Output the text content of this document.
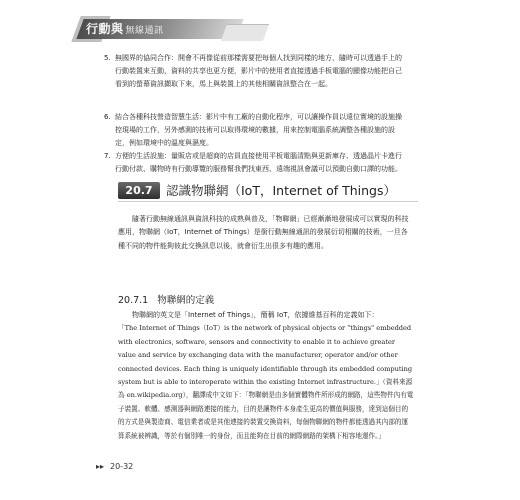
行動與 無線通訊
5. 無國界的協同合作：開會不再像從前那樣需要把每個人找到同樣的地方，隨時可以透過手上的行動裝置來互動，資料的共享也更方便，影片中的使用者直接透過手板電腦的顯像功能把自己看到的螢幕資訊擷取下來，馬上與裝置上的其他相關資訊整合在一起。

6. 結合各種科技營造智慧生活：影片中有工廠的自動化程序，可以讓操作員以遠位實境的設施操控現場的工作，另外感測的技術可以取得環境的數據，用來控制電腦系統調整各種設施的設定，例如環境中的溫度與濕度。

7. 方便的生活設施：量販店或是超商的店員直接使用平板電腦清點與更新庫存、透過晶片卡進行行動付款、購物時有行動導覽的服務幫我們找東西、遠端視訊會議可以預動自動口譯的功能。

20.7	認識物聯網（IoT，Internet of Things）

隨著行動無線通訊與資訊科技的成熟與普及，「物聯網」已經漸漸地發展成可以實現的科技應用，物聯網（IoT，Internet of Things）是銜行動無線通訊的發展衍切相關的技術，一旦各種不同的物件能夠彼此交換訊息以後，就會衍生出很多有趣的應用。

20.7.1 物聯網的定義

物聯網的英文是「Internet of Things」，簡稱 IoT，依據維基百科的定義如下：

「The Internet of Things（IoT）is the network of physical objects or "things" embedded with electronics, software, sensors and connectivity to enable it to achieve greater value and service by exchanging data with the manufacturer, operator and/or other connected devices. Each thing is uniquely identifiable through its embedded computing system but is able to interoperate within the existing Internet infrastructure.」（資料來源為 en.wikipedia.org），翻譯成中文如下：「物聯網是由多個實體物件所形成的網路，這些物件內有電子裝置、軟體、感測器與網路連接的能力，目的是讓物件本身產生更高的價值與服務，達到這個目的的方式是與製造商、電信業者或是其他連接的裝置交換資料，每個物聯網的物件都能透過其內部的運算系統被辨識，等於有個別唯一的身份，而且能夠在目前的網際網路的架構下相容地運作。」

▸▸ 20-32
